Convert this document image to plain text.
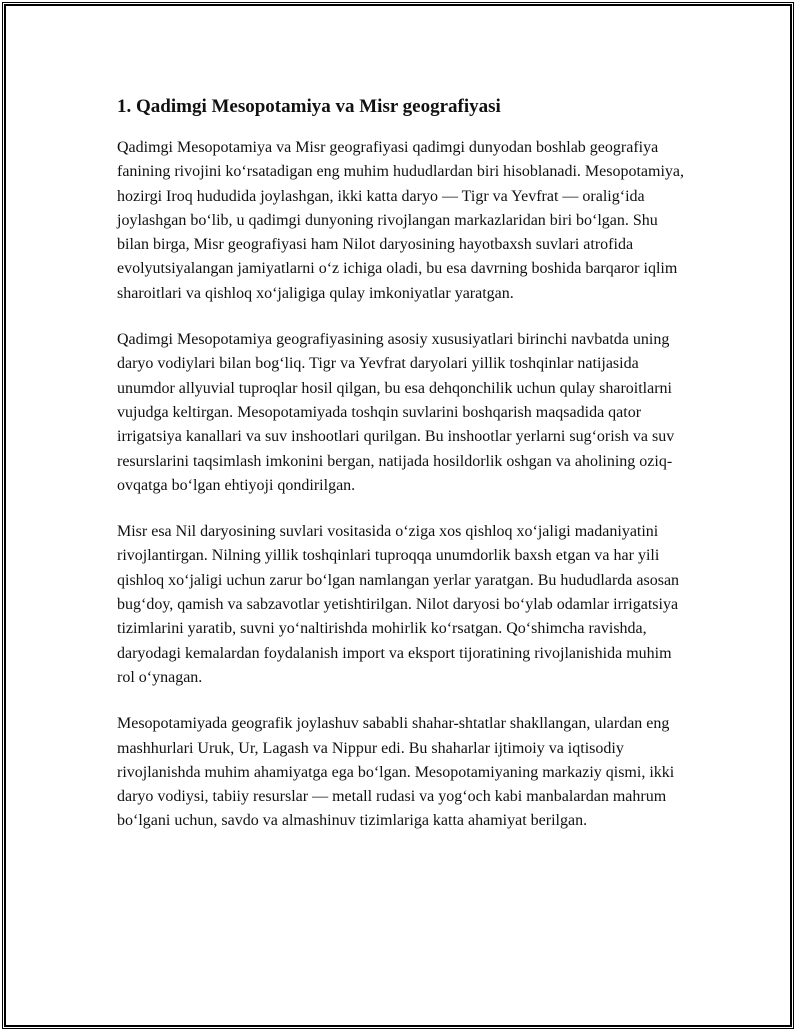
1. Qadimgi Mesopotamiya va Misr geografiyasi

Qadimgi Mesopotamiya va Misr geografiyasi qadimgi dunyodan boshlab geografiya fanining rivojini ko‘rsatadigan eng muhim hududlardan biri hisoblanadi. Mesopotamiya, hozirgi Iroq hududida joylashgan, ikki katta daryo — Tigr va Yevfrat — oralig‘ida joylashgan bo‘lib, u qadimgi dunyoning rivojlangan markazlaridan biri bo‘lgan. Shu bilan birga, Misr geografiyasi ham Nilot daryosining hayotbaxsh suvlari atrofida evolyutsiyalangan jamiyatlarni o‘z ichiga oladi, bu esa davrning boshida barqaror iqlim sharoitlari va qishloq xo‘jaligiga qulay imkoniyatlar yaratgan.

Qadimgi Mesopotamiya geografiyasining asosiy xususiyatlari birinchi navbatda uning daryo vodiylari bilan bog‘liq. Tigr va Yevfrat daryolari yillik toshqinlar natijasida unumdor allyuvial tuproqlar hosil qilgan, bu esa dehqonchilik uchun qulay sharoitlarni vujudga keltirgan. Mesopotamiyada toshqin suvlarini boshqarish maqsadida qator irrigatsiya kanallari va suv inshootlari qurilgan. Bu inshootlar yerlarni sug‘orish va suv resurslarini taqsimlash imkonini bergan, natijada hosildorlik oshgan va aholining oziq-ovqatga bo‘lgan ehtiyoji qondirilgan.

Misr esa Nil daryosining suvlari vositasida o‘ziga xos qishloq xo‘jaligi madaniyatini rivojlantirgan. Nilning yillik toshqinlari tuproqqa unumdorlik baxsh etgan va har yili qishloq xo‘jaligi uchun zarur bo‘lgan namlangan yerlar yaratgan. Bu hududlarda asosan bug‘doy, qamish va sabzavotlar yetishtirilgan. Nilot daryosi bo‘ylab odamlar irrigatsiya tizimlarini yaratib, suvni yo‘naltirishda mohirlik ko‘rsatgan. Qo‘shimcha ravishda, daryodagi kemalardan foydalanish import va eksport tijoratining rivojlanishida muhim rol o‘ynagan.

Mesopotamiyada geografik joylashuv sababli shahar-shtatlar shakllangan, ulardan eng mashhurlari Uruk, Ur, Lagash va Nippur edi. Bu shaharlar ijtimoiy va iqtisodiy rivojlanishda muhim ahamiyatga ega bo‘lgan. Mesopotamiyaning markaziy qismi, ikki daryo vodiysi, tabiiy resurslar — metall rudasi va yog‘och kabi manbalardan mahrum bo‘lgani uchun, savdo va almashinuv tizimlariga katta ahamiyat berilgan.
